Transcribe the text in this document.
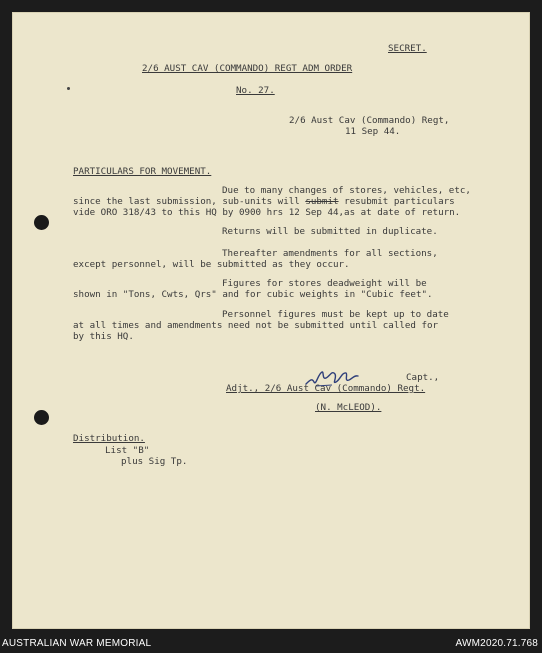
SECRET.
2/6 AUST CAV (COMMANDO) REGT ADM ORDER
No. 27.
2/6 Aust Cav (Commando) Regt,
11 Sep 44.
PARTICULARS FOR MOVEMENT.
Due to many changes of stores, vehicles, etc,
since the last submission, sub-units will submit resubmit particulars
vide ORO 318/43 to this HQ by 0900 hrs 12 Sep 44,as at date of return.
Returns will be submitted in duplicate.
Thereafter amendments for all sections,
except personnel, will be submitted as they occur.
Figures for stores deadweight will be
shown in "Tons, Cwts, Qrs" and for cubic weights in "Cubic feet".
Personnel figures must be kept up to date
at all times and amendments need not be submitted until called for
by this HQ.
Capt.,
Adjt., 2/6 Aust Cav (Commando) Regt.
(N. McLEOD).
Distribution.
List "B"
plus Sig Tp.
AUSTRALIAN WAR MEMORIAL	AWM2020.71.768
